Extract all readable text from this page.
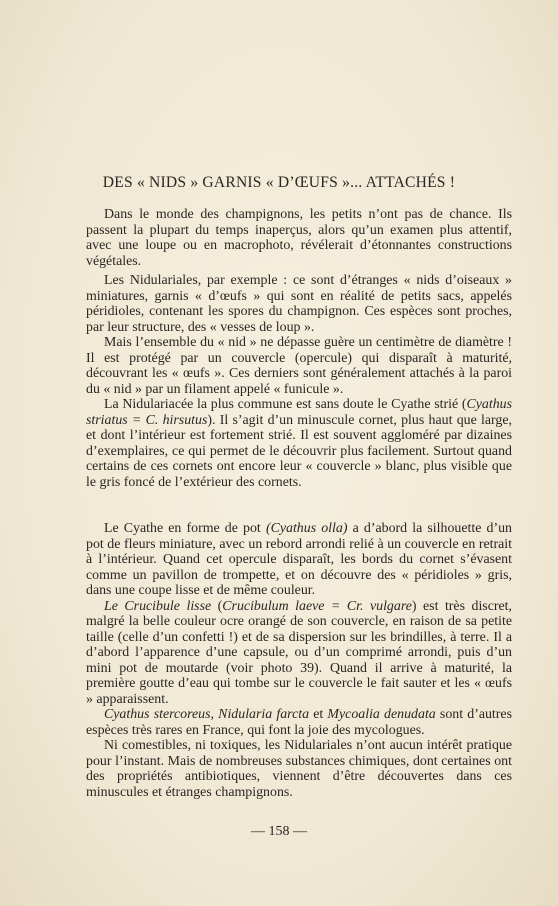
DES « NIDS » GARNIS « D’ŒUFS »... ATTACHÉS !

Dans le monde des champignons, les petits n’ont pas de chance. Ils passent la plupart du temps inaperçus, alors qu’un examen plus attentif, avec une loupe ou en macrophoto, révélerait d’étonnantes constructions végétales.

Les Nidulariales, par exemple : ce sont d’étranges « nids d’oiseaux » miniatures, garnis « d’œufs » qui sont en réalité de petits sacs, appelés péridioles, contenant les spores du champignon. Ces espèces sont proches, par leur structure, des « vesses de loup ».

Mais l’ensemble du « nid » ne dépasse guère un centimètre de diamètre ! Il est protégé par un couvercle (opercule) qui disparaît à maturité, découvrant les « œufs ». Ces derniers sont généralement attachés à la paroi du « nid » par un filament appelé « funicule ».

La Nidulariacée la plus commune est sans doute le Cyathe strié (Cyathus striatus = C. hirsutus). Il s’agit d’un minuscule cornet, plus haut que large, et dont l’intérieur est fortement strié. Il est souvent aggloméré par dizaines d’exemplaires, ce qui permet de le découvrir plus facilement. Surtout quand certains de ces cornets ont encore leur « couvercle » blanc, plus visible que le gris foncé de l’extérieur des cornets.

Le Cyathe en forme de pot (Cyathus olla) a d’abord la silhouette d’un pot de fleurs miniature, avec un rebord arrondi relié à un couvercle en retrait à l’intérieur. Quand cet opercule disparaît, les bords du cornet s’évasent comme un pavillon de trompette, et on découvre des « péridioles » gris, dans une coupe lisse et de même couleur.

Le Crucibule lisse (Crucibulum laeve = Cr. vulgare) est très discret, malgré la belle couleur ocre orangé de son couvercle, en raison de sa petite taille (celle d’un confetti !) et de sa dispersion sur les brindilles, à terre. Il a d’abord l’apparence d’une capsule, ou d’un comprimé arrondi, puis d’un mini pot de moutarde (voir photo 39). Quand il arrive à maturité, la première goutte d’eau qui tombe sur le couvercle le fait sauter et les « œufs » apparaissent.

Cyathus stercoreus, Nidularia farcta et Mycoalia denudata sont d’autres espèces très rares en France, qui font la joie des mycologues.

Ni comestibles, ni toxiques, les Nidulariales n’ont aucun intérêt pratique pour l’instant. Mais de nombreuses substances chimiques, dont certaines ont des propriétés antibiotiques, viennent d’être découvertes dans ces minuscules et étranges champignons.

— 158 —
